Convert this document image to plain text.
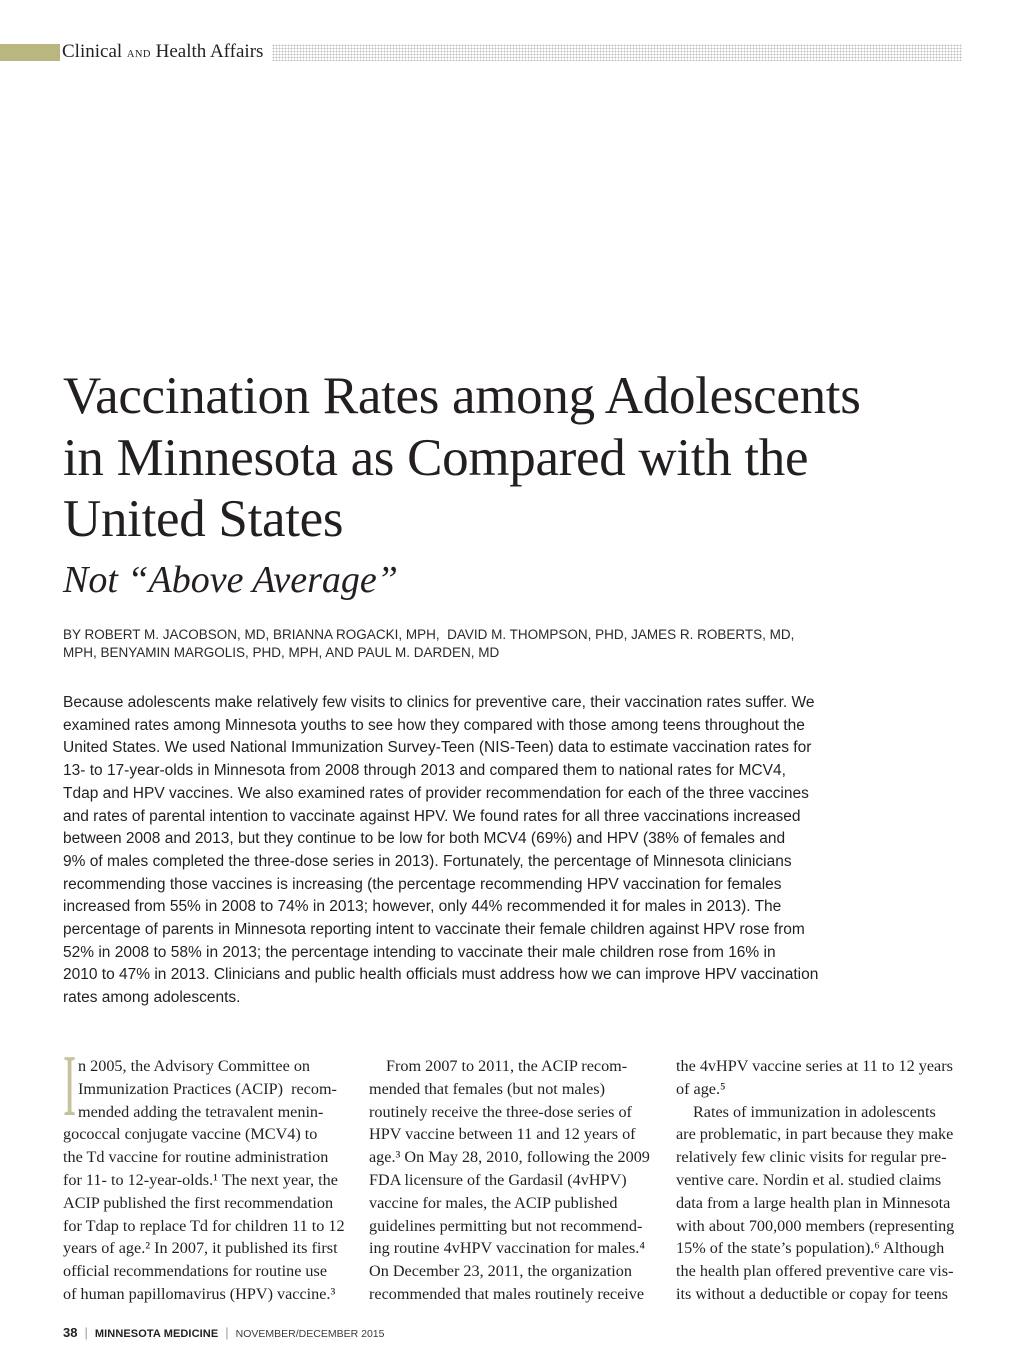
Clinical AND Health Affairs
Vaccination Rates among Adolescents
in Minnesota as Compared with the
United States
Not “Above Average”
BY ROBERT M. JACOBSON, MD, BRIANNA ROGACKI, MPH,  DAVID M. THOMPSON, PHD, JAMES R. ROBERTS, MD,
MPH, BENYAMIN MARGOLIS, PHD, MPH, AND PAUL M. DARDEN, MD
Because adolescents make relatively few visits to clinics for preventive care, their vaccination rates suffer. We
examined rates among Minnesota youths to see how they compared with those among teens throughout the
United States. We used National Immunization Survey-Teen (NIS-Teen) data to estimate vaccination rates for
13- to 17-year-olds in Minnesota from 2008 through 2013 and compared them to national rates for MCV4,
Tdap and HPV vaccines. We also examined rates of provider recommendation for each of the three vaccines
and rates of parental intention to vaccinate against HPV. We found rates for all three vaccinations increased
between 2008 and 2013, but they continue to be low for both MCV4 (69%) and HPV (38% of females and
9% of males completed the three-dose series in 2013). Fortunately, the percentage of Minnesota clinicians
recommending those vaccines is increasing (the percentage recommending HPV vaccination for females
increased from 55% in 2008 to 74% in 2013; however, only 44% recommended it for males in 2013). The
percentage of parents in Minnesota reporting intent to vaccinate their female children against HPV rose from
52% in 2008 to 58% in 2013; the percentage intending to vaccinate their male children rose from 16% in
2010 to 47% in 2013. Clinicians and public health officials must address how we can improve HPV vaccination
rates among adolescents.
I n 2005, the Advisory Committee on
Immunization Practices (ACIP)  recom-
mended adding the tetravalent menin-
gococcal conjugate vaccine (MCV4) to
the Td vaccine for routine administration
for 11- to 12-year-olds.¹ The next year, the
ACIP published the first recommendation
for Tdap to replace Td for children 11 to 12
years of age.² In 2007, it published its first
official recommendations for routine use
of human papillomavirus (HPV) vaccine.³
From 2007 to 2011, the ACIP recom-
mended that females (but not males)
routinely receive the three-dose series of
HPV vaccine between 11 and 12 years of
age.³ On May 28, 2010, following the 2009
FDA licensure of the Gardasil (4vHPV)
vaccine for males, the ACIP published
guidelines permitting but not recommend-
ing routine 4vHPV vaccination for males.⁴
On December 23, 2011, the organization
recommended that males routinely receive
the 4vHPV vaccine series at 11 to 12 years
of age.⁵
Rates of immunization in adolescents
are problematic, in part because they make
relatively few clinic visits for regular pre-
ventive care. Nordin et al. studied claims
data from a large health plan in Minnesota
with about 700,000 members (representing
15% of the state’s population).⁶ Although
the health plan offered preventive care vis-
its without a deductible or copay for teens
38 | MINNESOTA MEDICINE | NOVEMBER/DECEMBER 2015
